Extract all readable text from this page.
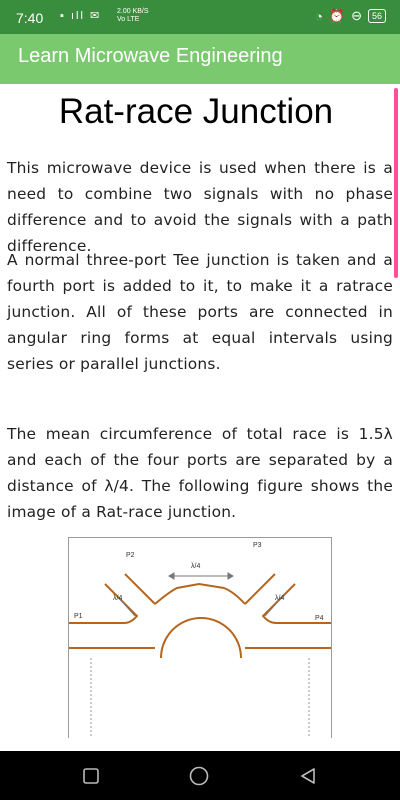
7:40 ▪ ıll ✉ 2.00 KB/S
Vo LTE	◔ ⏰ ⊖	56
Learn Microwave Engineering
Rat-race Junction
This microwave device is used when there is a need to combine two signals with no phase difference and to avoid the signals with a path difference.
A normal three-port Tee junction is taken and a fourth port is added to it, to make it a ratrace junction. All of these ports are connected in angular ring forms at equal intervals using series or parallel junctions.
The mean circumference of total race is 1.5λ and each of the four ports are separated by a distance of λ/4. The following figure shows the image of a Rat-race junction.
P2
P3
P1	P4
λ/4
λ/4	λ/4
